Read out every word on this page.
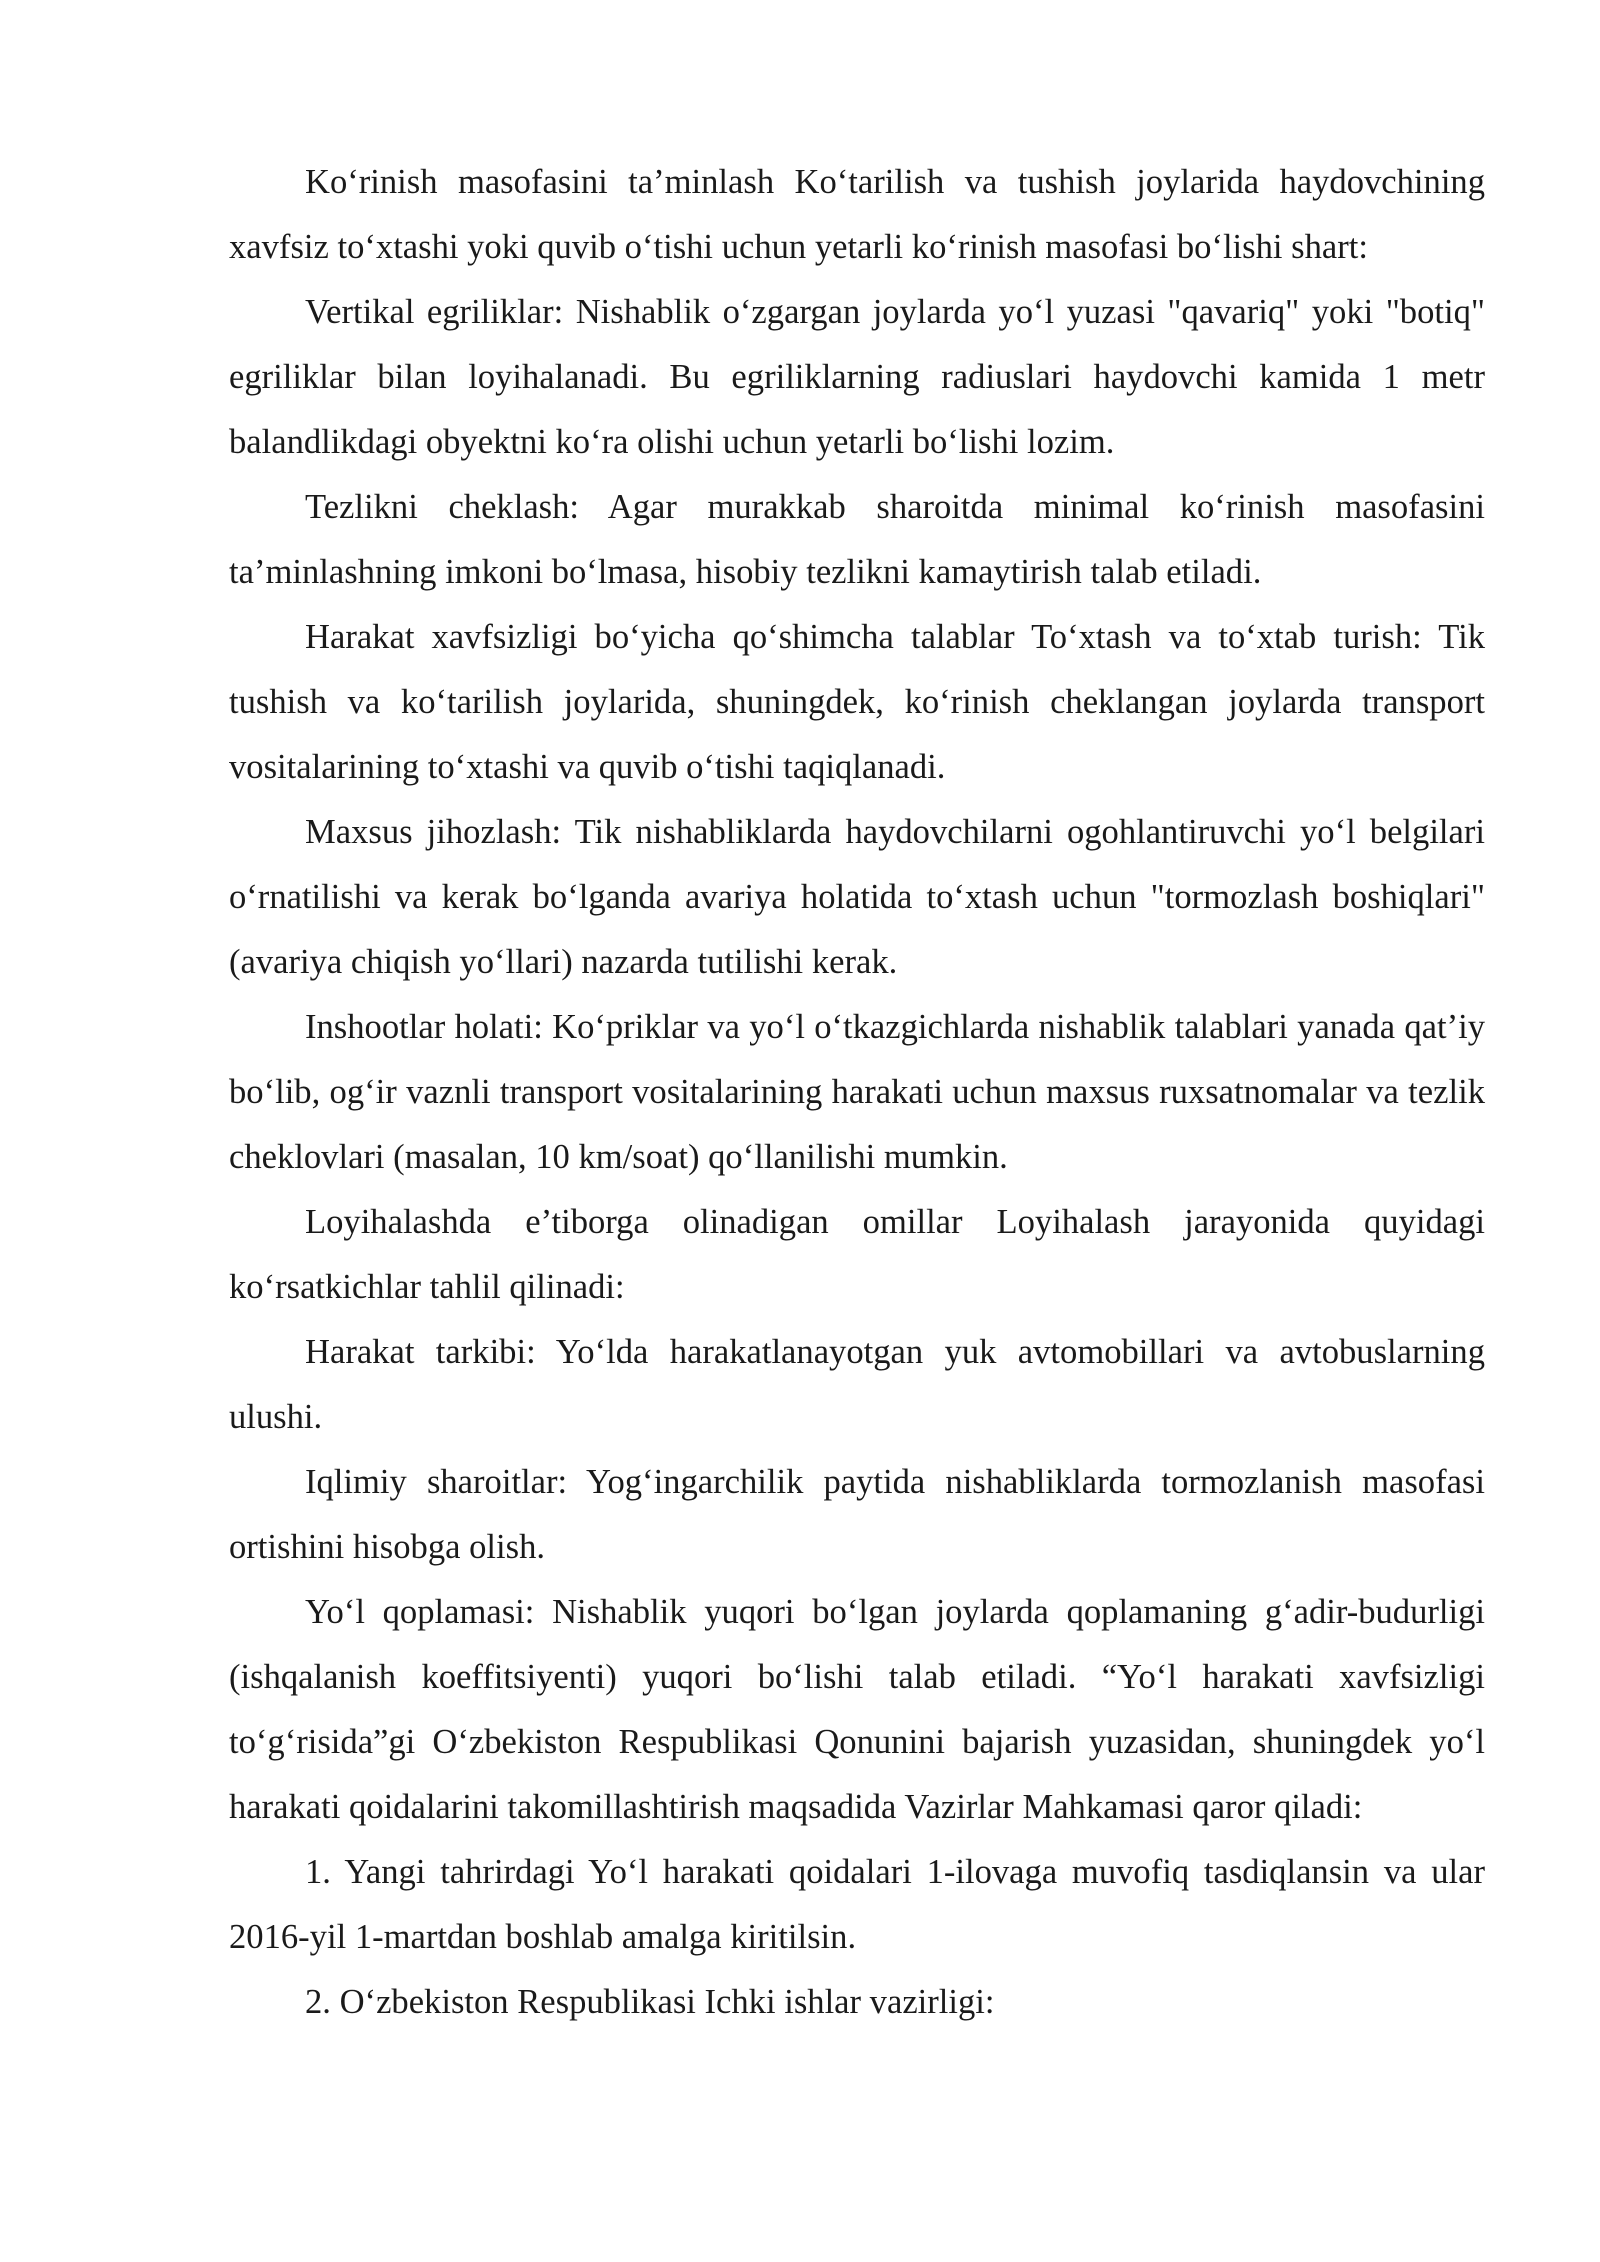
Ko‘rinish masofasini ta’minlash Ko‘tarilish va tushish joylarida haydovchining xavfsiz to‘xtashi yoki quvib o‘tishi uchun yetarli ko‘rinish masofasi bo‘lishi shart:

Vertikal egriliklar: Nishablik o‘zgargan joylarda yo‘l yuzasi "qavariq" yoki "botiq" egriliklar bilan loyihalanadi. Bu egriliklarning radiuslari haydovchi kamida 1 metr balandlikdagi obyektni ko‘ra olishi uchun yetarli bo‘lishi lozim.

Tezlikni cheklash: Agar murakkab sharoitda minimal ko‘rinish masofasini ta’minlashning imkoni bo‘lmasa, hisobiy tezlikni kamaytirish talab etiladi.

Harakat xavfsizligi bo‘yicha qo‘shimcha talablar To‘xtash va to‘xtab turish: Tik tushish va ko‘tarilish joylarida, shuningdek, ko‘rinish cheklangan joylarda transport vositalarining to‘xtashi va quvib o‘tishi taqiqlanadi.

Maxsus jihozlash: Tik nishabliklarda haydovchilarni ogohlantiruvchi yo‘l belgilari o‘rnatilishi va kerak bo‘lganda avariya holatida to‘xtash uchun "tormozlash boshiqlari" (avariya chiqish yo‘llari) nazarda tutilishi kerak.

Inshootlar holati: Ko‘priklar va yo‘l o‘tkazgichlarda nishablik talablari yanada qat’iy bo‘lib, og‘ir vaznli transport vositalarining harakati uchun maxsus ruxsatnomalar va tezlik cheklovlari (masalan, 10 km/soat) qo‘llanilishi mumkin.

Loyihalashda e’tiborga olinadigan omillar Loyihalash jarayonida quyidagi ko‘rsatkichlar tahlil qilinadi:

Harakat tarkibi: Yo‘lda harakatlanayotgan yuk avtomobillari va avtobuslarning ulushi.

Iqlimiy sharoitlar: Yog‘ingarchilik paytida nishabliklarda tormozlanish masofasi ortishini hisobga olish.

Yo‘l qoplamasi: Nishablik yuqori bo‘lgan joylarda qoplamaning g‘adir-budurligi (ishqalanish koeffitsiyenti) yuqori bo‘lishi talab etiladi. “Yo‘l harakati xavfsizligi to‘g‘risida”gi O‘zbekiston Respublikasi Qonunini bajarish yuzasidan, shuningdek yo‘l harakati qoidalarini takomillashtirish maqsadida Vazirlar Mahkamasi qaror qiladi:

1. Yangi tahrirdagi Yo‘l harakati qoidalari 1-ilovaga muvofiq tasdiqlansin va ular 2016-yil 1-martdan boshlab amalga kiritilsin.

2. O‘zbekiston Respublikasi Ichki ishlar vazirligi:
